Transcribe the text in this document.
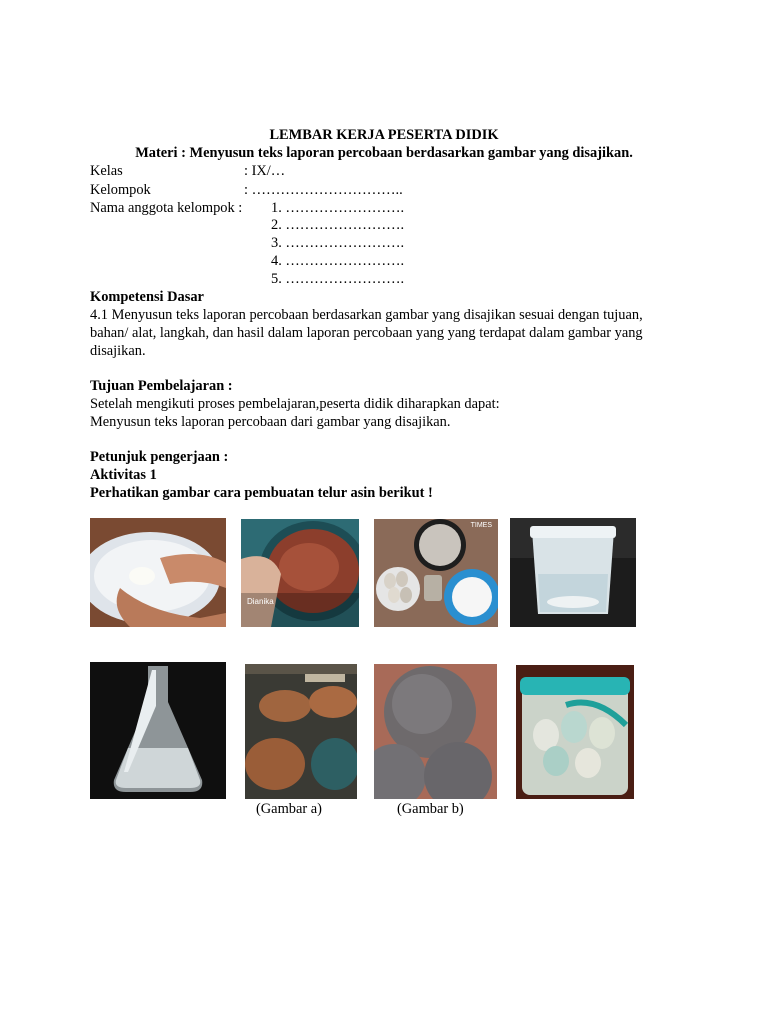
LEMBAR KERJA PESERTA DIDIK
Materi : Menyusun teks laporan percobaan berdasarkan gambar yang disajikan.
Kelas	: IX/…
Kelompok	: …………………………..
Nama anggota kelompok : 1. …………………….
2. …………………….
3. …………………….
4. …………………….
5. …………………….
Kompetensi Dasar
4.1 Menyusun teks laporan percobaan berdasarkan gambar yang disajikan sesuai dengan tujuan,
bahan/ alat, langkah, dan hasil dalam laporan percobaan yang yang terdapat dalam gambar yang
disajikan.
Tujuan Pembelajaran :
Setelah mengikuti proses pembelajaran,peserta didik diharapkan dapat:
Menyusun teks laporan percobaan dari gambar yang disajikan.
Petunjuk pengerjaan :
Aktivitas 1
Perhatikan gambar cara pembuatan telur asin berikut !
Dianika
TIMES
(Gambar a)	(Gambar b)
